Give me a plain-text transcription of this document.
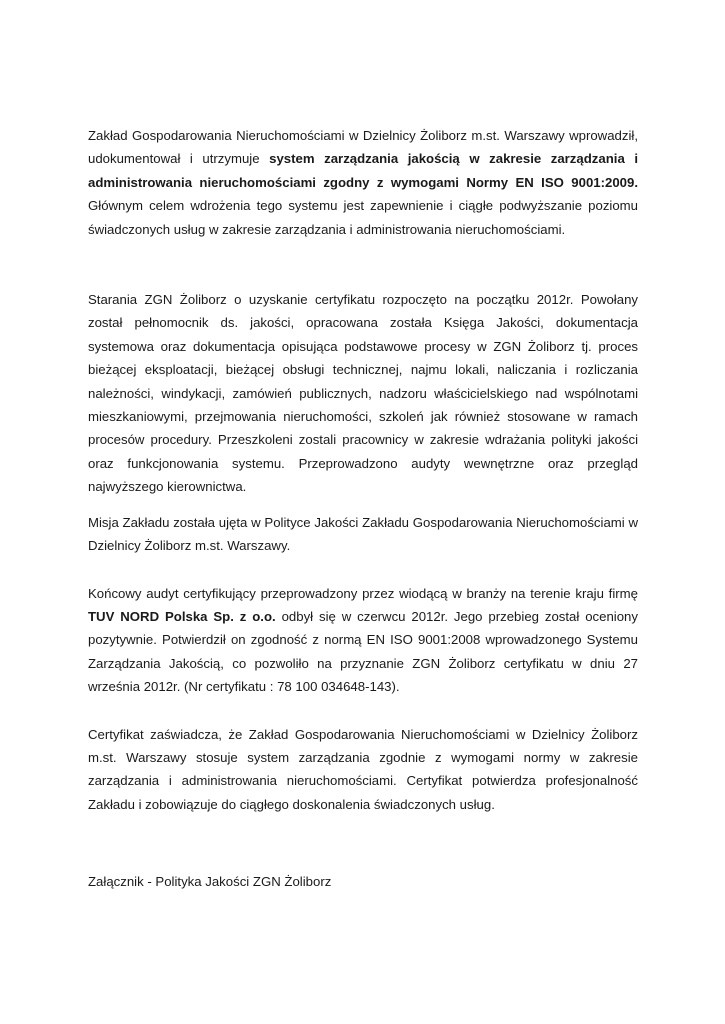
Zakład Gospodarowania Nieruchomościami w Dzielnicy Żoliborz m.st. Warszawy wprowadził, udokumentował i utrzymuje system zarządzania jakością w zakresie zarządzania i administrowania nieruchomościami zgodny z wymogami Normy EN ISO 9001:2009. Głównym celem wdrożenia tego systemu jest zapewnienie i ciągłe podwyższanie poziomu świadczonych usług w zakresie zarządzania i administrowania nieruchomościami.

Starania ZGN Żoliborz o uzyskanie certyfikatu rozpoczęto na początku 2012r. Powołany został pełnomocnik ds. jakości, opracowana została Księga Jakości, dokumentacja systemowa oraz dokumentacja opisująca podstawowe procesy w ZGN Żoliborz tj. proces bieżącej eksploatacji, bieżącej obsługi technicznej, najmu lokali, naliczania i rozliczania należności, windykacji, zamówień publicznych, nadzoru właścicielskiego nad wspólnotami mieszkaniowymi, przejmowania nieruchomości, szkoleń jak również stosowane w ramach procesów procedury. Przeszkoleni zostali pracownicy w zakresie wdrażania polityki jakości oraz funkcjonowania systemu. Przeprowadzono audyty wewnętrzne oraz przegląd najwyższego kierownictwa.

Misja Zakładu została ujęta w Polityce Jakości Zakładu Gospodarowania Nieruchomościami w Dzielnicy Żoliborz m.st. Warszawy.

Końcowy audyt certyfikujący przeprowadzony przez wiodącą w branży na terenie kraju firmę TUV NORD Polska Sp. z o.o. odbył się w czerwcu 2012r. Jego przebieg został oceniony pozytywnie. Potwierdził on zgodność z normą EN ISO 9001:2008 wprowadzonego Systemu Zarządzania Jakością, co pozwoliło na przyznanie ZGN Żoliborz certyfikatu w dniu 27 września 2012r. (Nr certyfikatu : 78 100 034648-143).

Certyfikat zaświadcza, że Zakład Gospodarowania Nieruchomościami w Dzielnicy Żoliborz m.st. Warszawy stosuje system zarządzania zgodnie z wymogami normy w zakresie zarządzania i administrowania nieruchomościami. Certyfikat potwierdza profesjonalność Zakładu i zobowiązuje do ciągłego doskonalenia świadczonych usług.

Załącznik - Polityka Jakości ZGN Żoliborz
